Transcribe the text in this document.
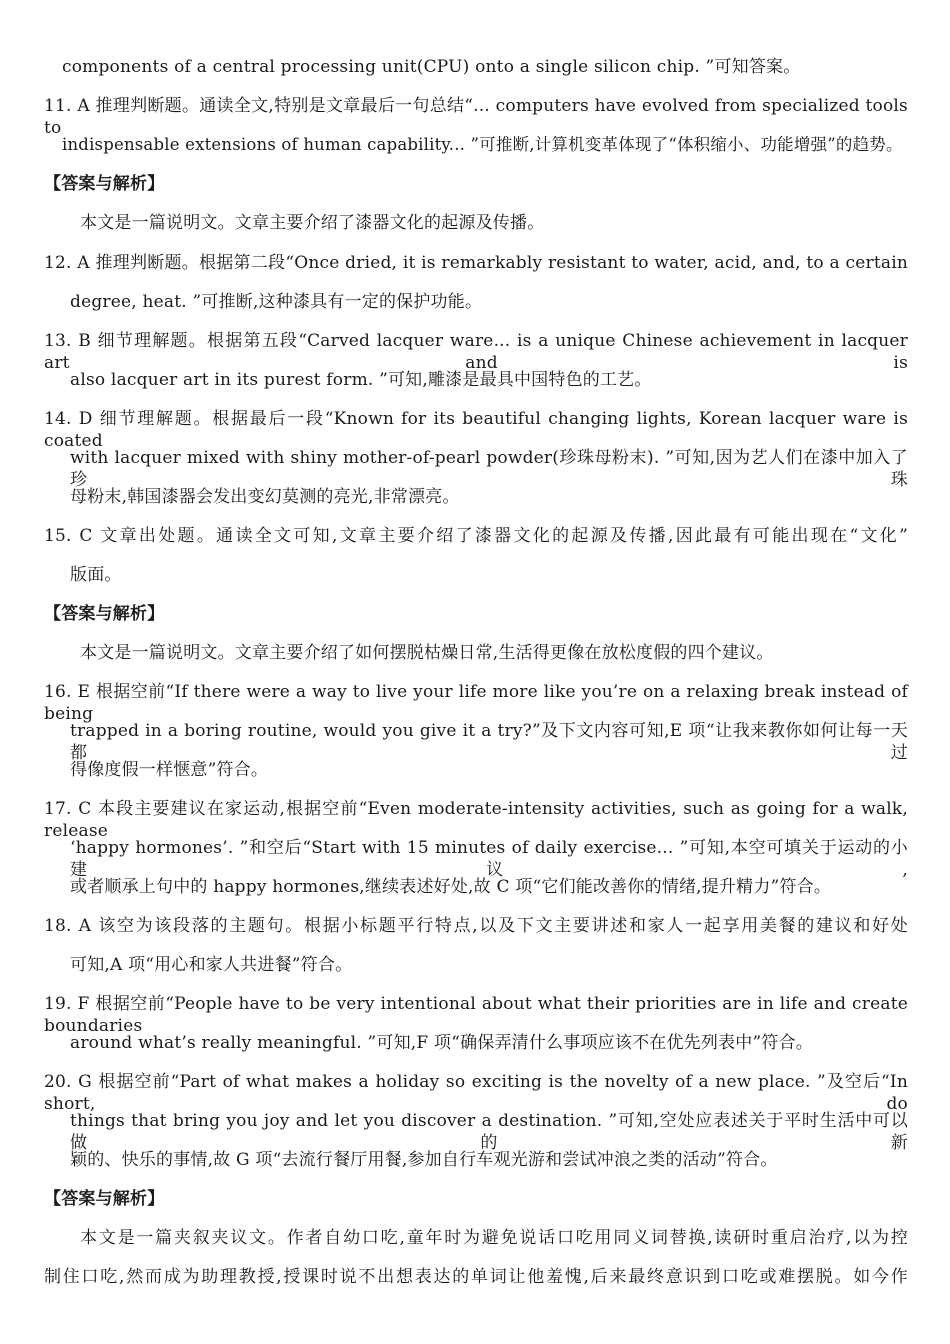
components of a central processing unit(CPU) onto a single silicon chip. ”可知答案。
11. A 推理判断题。通读全文,特别是文章最后一句总结“... computers have evolved from specialized tools to
indispensable extensions of human capability... ”可推断,计算机变革体现了“体积缩小、功能增强”的趋势。
【答案与解析】
本文是一篇说明文。文章主要介绍了漆器文化的起源及传播。
12. A 推理判断题。根据第二段“Once dried, it is remarkably resistant to water, acid, and, to a certain
degree, heat. ”可推断,这种漆具有一定的保护功能。
13. B 细节理解题。根据第五段“Carved lacquer ware... is a unique Chinese achievement in lacquer art and is
also lacquer art in its purest form. ”可知,雕漆是最具中国特色的工艺。
14. D 细节理解题。根据最后一段“Known for its beautiful changing lights, Korean lacquer ware is coated
with lacquer mixed with shiny mother-of-pearl powder(珍珠母粉末). ”可知,因为艺人们在漆中加入了珍珠
母粉末,韩国漆器会发出变幻莫测的亮光,非常漂亮。
15. C 文章出处题。通读全文可知,文章主要介绍了漆器文化的起源及传播,因此最有可能出现在“文化”
版面。
【答案与解析】
本文是一篇说明文。文章主要介绍了如何摆脱枯燥日常,生活得更像在放松度假的四个建议。
16. E 根据空前“If there were a way to live your life more like you’re on a relaxing break instead of being
trapped in a boring routine, would you give it a try?”及下文内容可知,E 项“让我来教你如何让每一天都过
得像度假一样惬意”符合。
17. C 本段主要建议在家运动,根据空前“Even moderate-intensity activities, such as going for a walk, release
‘happy hormones’. ”和空后“Start with 15 minutes of daily exercise... ”可知,本空可填关于运动的小建议,
或者顺承上句中的 happy hormones,继续表述好处,故 C 项“它们能改善你的情绪,提升精力”符合。
18. A 该空为该段落的主题句。根据小标题平行特点,以及下文主要讲述和家人一起享用美餐的建议和好处
可知,A 项“用心和家人共进餐”符合。
19. F 根据空前“People have to be very intentional about what their priorities are in life and create boundaries
around what’s really meaningful. ”可知,F 项“确保弄清什么事项应该不在优先列表中”符合。
20. G 根据空前“Part of what makes a holiday so exciting is the novelty of a new place. ”及空后“In short, do
things that bring you joy and let you discover a destination. ”可知,空处应表述关于平时生活中可以做的新
颖的、快乐的事情,故 G 项“去流行餐厅用餐,参加自行车观光游和尝试冲浪之类的活动”符合。
【答案与解析】
本文是一篇夹叙夹议文。作者自幼口吃,童年时为避免说话口吃用同义词替换,读研时重启治疗,以为控
制住口吃,然而成为助理教授,授课时说不出想表达的单词让他羞愧,后来最终意识到口吃或难摆脱。如今作
